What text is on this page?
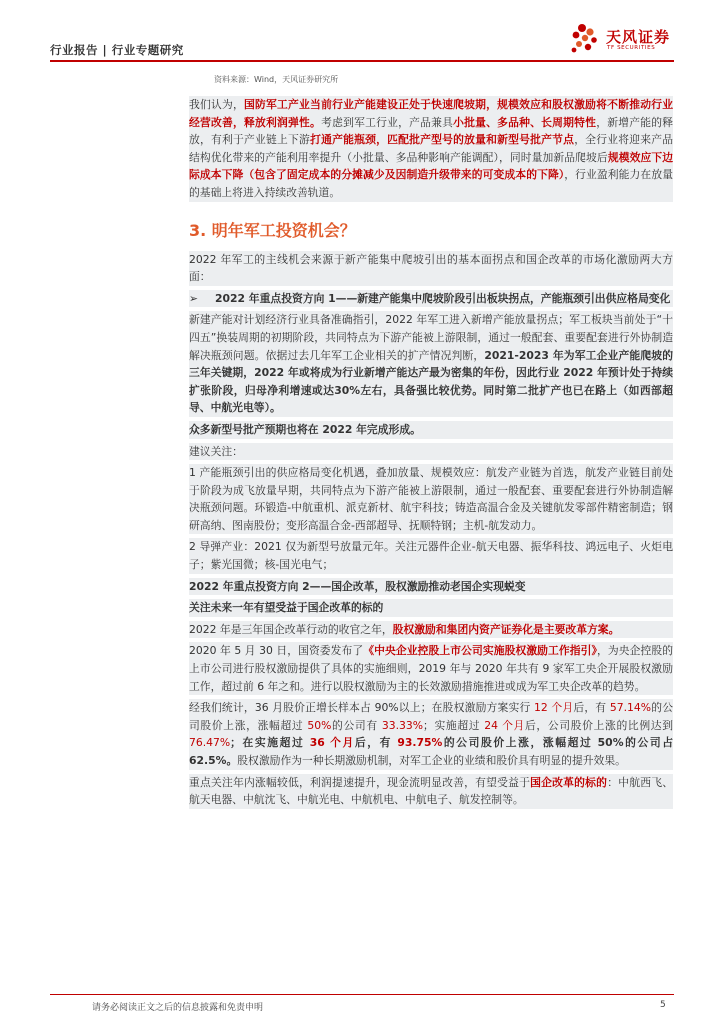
行业报告 | 行业专题研究
天风证券
TF SECURITIES
资料来源：Wind，天风证券研究所

我们认为，国防军工产业当前行业产能建设正处于快速爬坡期，规模效应和股权激励将不断推动行业经营改善，释放利润弹性。考虑到军工行业，产品兼具小批量、多品种、长周期特性，新增产能的释放，有利于产业链上下游打通产能瓶颈，匹配批产型号的放量和新型号批产节点，全行业将迎来产品结构优化带来的产能利用率提升（小批量、多品种影响产能调配），同时量加新品爬坡后规模效应下边际成本下降（包含了固定成本的分摊减少及因制造升级带来的可变成本的下降），行业盈利能力在放量的基础上将进入持续改善轨道。

3. 明年军工投资机会？

2022 年军工的主线机会来源于新产能集中爬坡引出的基本面拐点和国企改革的市场化激励两大方面：

➢	2022 年重点投资方向 1——新建产能集中爬坡阶段引出板块拐点，产能瓶颈引出供应格局变化

新建产能对计划经济行业具备准确指引，2022 年军工进入新增产能放量拐点；军工板块当前处于“十四五”换装周期的初期阶段，共同特点为下游产能被上游限制，通过一般配套、重要配套进行外协制造解决瓶颈问题。依据过去几年军工企业相关的扩产情况判断，2021-2023 年为军工企业产能爬坡的三年关键期，2022 年或将成为行业新增产能达产最为密集的年份，因此行业 2022 年预计处于持续扩张阶段，归母净利增速或达30%左右，具备强比较优势。同时第二批扩产也已在路上（如西部超导、中航光电等）。

众多新型号批产预期也将在 2022 年完成形成。

建议关注：

1 产能瓶颈引出的供应格局变化机遇，叠加放量、规模效应：航发产业链为首选，航发产业链目前处于阶段为成飞放量早期，共同特点为下游产能被上游限制，通过一般配套、重要配套进行外协制造解决瓶颈问题。环锻造-中航重机、派克新材、航宇科技；铸造高温合金及关键航发零部件精密制造；钢研高纳、图南股份；变形高温合金-西部超导、抚顺特钢；主机-航发动力。

2 导弹产业：2021 仅为新型号放量元年。关注元器件企业-航天电器、振华科技、鸿远电子、火炬电子；紫光国微；核-国光电气；

2022 年重点投资方向 2——国企改革，股权激励推动老国企实现蜕变

关注未来一年有望受益于国企改革的标的

2022 年是三年国企改革行动的收官之年，股权激励和集团内资产证券化是主要改革方案。

2020 年 5 月 30 日，国资委发布了《中央企业控股上市公司实施股权激励工作指引》，为央企控股的上市公司进行股权激励提供了具体的实施细则，2019 年与 2020 年共有 9 家军工央企开展股权激励工作，超过前 6 年之和。进行以股权激励为主的长效激励措施推进或成为军工央企改革的趋势。

经我们统计，36 月股价正增长样本占 90%以上；在股权激励方案实行 12 个月后，有 57.14%的公司股价上涨，涨幅超过 50%的公司有 33.33%；实施超过 24 个月后，公司股价上涨的比例达到 76.47%；在实施超过 36 个月后，有 93.75%的公司股价上涨，涨幅超过 50%的公司占 62.5%。股权激励作为一种长期激励机制，对军工企业的业绩和股价具有明显的提升效果。

重点关注年内涨幅较低，利润提速提升，现金流明显改善，有望受益于国企改革的标的：中航西飞、航天电器、中航沈飞、中航光电、中航机电、中航电子、航发控制等。

请务必阅读正文之后的信息披露和免责申明	5
